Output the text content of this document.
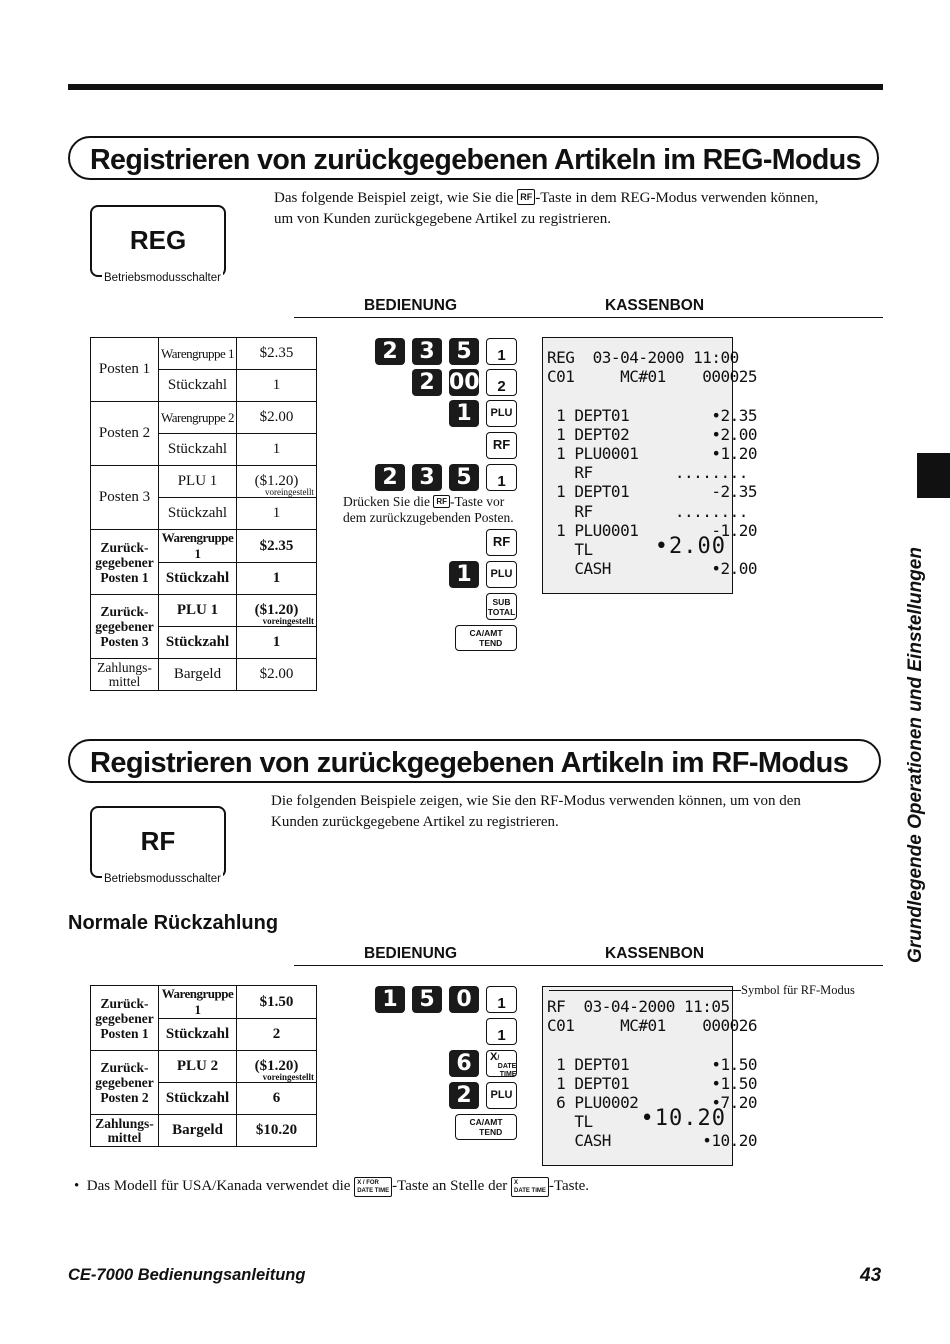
Registrieren von zurückgegebenen Artikeln im REG-Modus
REG
Betriebsmodusschalter
Das folgende Beispiel zeigt, wie Sie die RF -Taste in dem REG-Modus verwenden können,
um von Kunden zurückgegebene Artikel zu registrieren.
BEDIENUNG	KASSENBON
Posten 1	Warengruppe 1	$2.35
	Stückzahl	1
Posten 2	Warengruppe 2	$2.00
	Stückzahl	1
Posten 3	PLU 1	($1.20)
voreingestellt

	Stückzahl	1
Zurück-
gegebener
Posten 1	Warengruppe 1	$2.35
	Stückzahl	1
Zurück-
gegebener
Posten 3	PLU 1	($1.20)
voreingestellt

	Stückzahl	1
Zahlungs-
mittel	Bargeld	$2.00
2 3 5	1
2 00	2
1	PLU
RF
2 3 5	1
Drücken Sie die RF -Taste vor
dem zurückzugebenden Posten.
RF
1	PLU
SUB
TOTAL
CA/AMT
TEND
REG  03-04-2000 11:00
C01     MC#01    000025
1 DEPT01         •2.35
1 DEPT02         •2.00
1 PLU0001        •1.20
RF         ........
1 DEPT01         -2.35
RF         ........
1 PLU0001        -1.20
TL	•2.00
CASH           •2.00
Registrieren von zurückgegebenen Artikeln im RF-Modus
RF
Betriebsmodusschalter
Die folgenden Beispiele zeigen, wie Sie den RF-Modus verwenden können, um von den
Kunden zurückgegebene Artikel zu registrieren.
Normale Rückzahlung
BEDIENUNG	KASSENBON
Zurück-
gegebener
Posten 1	Warengruppe 1	$1.50
	Stückzahl	2
Zurück-
gegebener
Posten 2	PLU 2	($1.20)
voreingestellt

	Stückzahl	6
Zahlungs-
mittel	Bargeld	$10.20
1 5 0	1
1
6	X/
DATE
TIME
2	PLU
CA/AMT
TEND
RF  03-04-2000 11:05
C01     MC#01    000026
1 DEPT01         •1.50
1 DEPT01         •1.50
6 PLU0002        •7.20
TL •10.20
CASH          •10.20
Symbol für RF-Modus
• Das Modell für USA/Kanada verwendet die X / FOR
DATE TIME -Taste an Stelle der X
DATE TIME -Taste.
Grundlegende Operationen und Einstellungen
CE-7000 Bedienungsanleitung	43
